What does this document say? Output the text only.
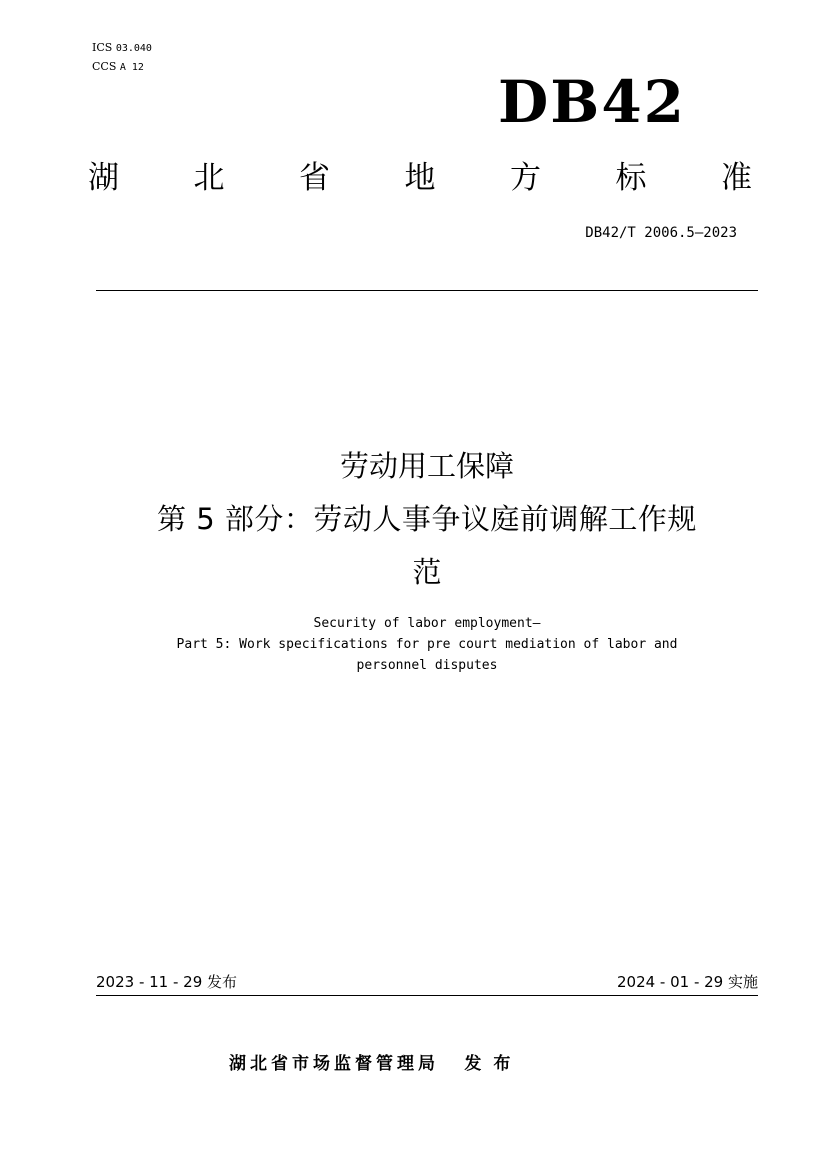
ICS 03.040
CCS A 12
DB42
湖 北 省 地 方 标 准
DB42/T 2006.5—2023
劳动用工保障
第 5 部分：劳动人事争议庭前调解工作规
范
Security of labor employment—
Part 5: Work specifications for pre court mediation of labor and
personnel disputes
2023 - 11 - 29 发布	2024 - 01 - 29 实施
湖北省市场监督管理局 发布
